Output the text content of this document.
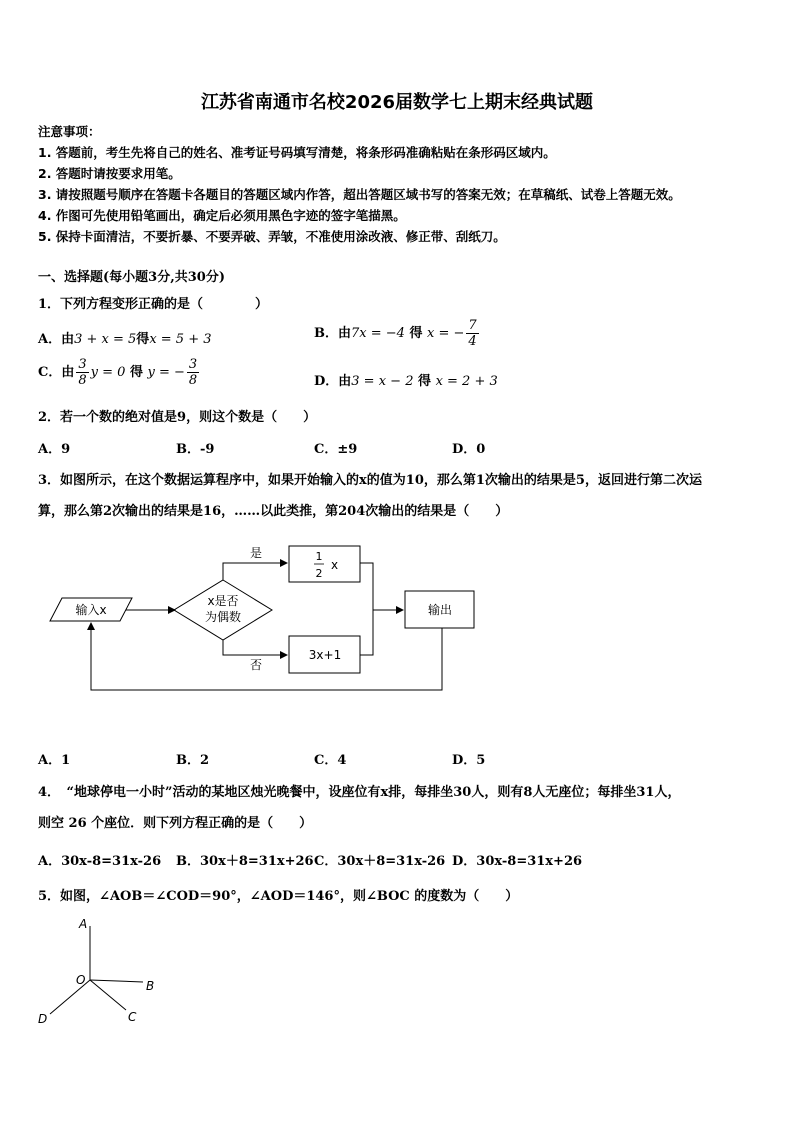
江苏省南通市名校2026届数学七上期末经典试题
注意事项：
1. 答题前，考生先将自己的姓名、准考证号码填写清楚，将条形码准确粘贴在条形码区域内。
2. 答题时请按要求用笔。
3. 请按照题号顺序在答题卡各题目的答题区域内作答，超出答题区域书写的答案无效；在草稿纸、试卷上答题无效。
4. 作图可先使用铅笔画出，确定后必须用黑色字迹的签字笔描黑。
5. 保持卡面清洁，不要折暴、不要弄破、弄皱，不准使用涂改液、修正带、刮纸刀。
一、选择题(每小题3分,共30分)
1．下列方程变形正确的是（　　　　）
A．由3 + x = 5得x = 5 + 3	B．由7x = −4 得 x = − $\frac{7}{4}$
C．由 $\frac{3}{8}$ y = 0 得 y = − $\frac{3}{8}$	D．由3 = x − 2 得 x = 2 + 3
2．若一个数的绝对值是9，则这个数是（　　）
A．9	B．-9	C．±9	D．0
3．如图所示，在这个数据运算程序中，如果开始输入的x的值为10，那么第1次输出的结果是5，返回进行第二次运
算，那么第2次输出的结果是16，……以此类推，第204次输出的结果是（　　）
输入x
x是否
为偶数
是
否
1
2
x
3x+1
输出
A．1	B．2	C．4	D．5
4．　“地球停电一小时”活动的某地区烛光晚餐中，设座位有x排，每排坐30人，则有8人无座位；每排坐31人，
则空 26 个座位．则下列方程正确的是（　　）
A．30x-8=31x-26 B．30x＋8=31x+26 C．30x＋8=31x-26 D．30x-8=31x+26
5．如图，∠AOB＝∠COD＝90°，∠AOD＝146°，则∠BOC 的度数为（　　）
A
B
C
D
O
